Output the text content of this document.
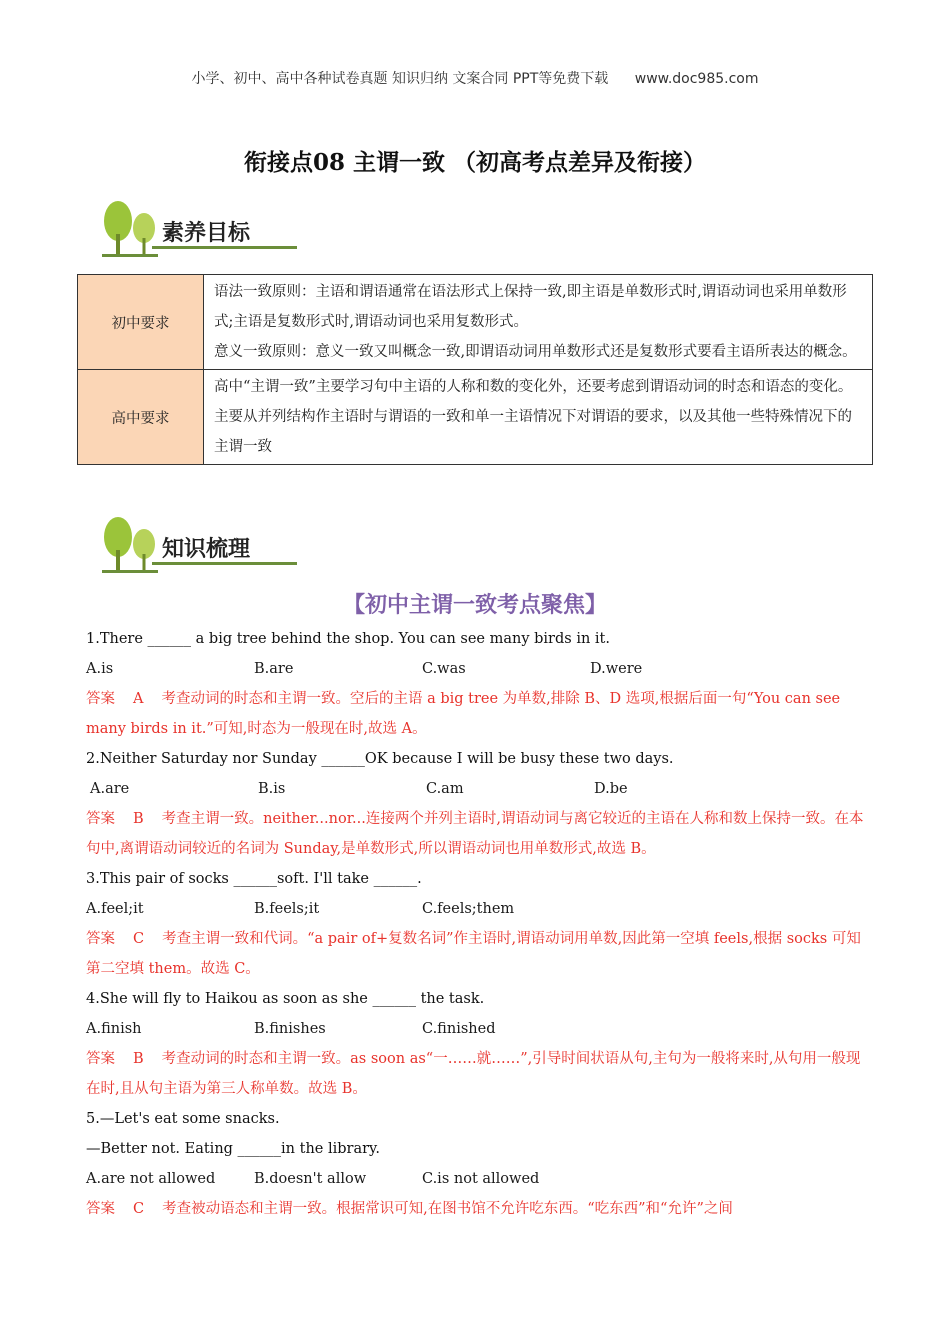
小学、初中、高中各种试卷真题 知识归纳 文案合同 PPT等免费下载 www.doc985.com
衔接点08 主谓一致 （初高考点差异及衔接）
素养目标
初中要求	语法一致原则：主语和谓语通常在语法形式上保持一致,即主语是单数形式时,谓语动词也采用单数形式;主语是复数形式时,谓语动词也采用复数形式。
意义一致原则：意义一致又叫概念一致,即谓语动词用单数形式还是复数形式要看主语所表达的概念。

高中要求	高中“主谓一致”主要学习句中主语的人称和数的变化外，还要考虑到谓语动词的时态和语态的变化。主要从并列结构作主语时与谓语的一致和单一主语情况下对谓语的要求，以及其他一些特殊情况下的主谓一致
知识梳理
【初中主谓一致考点聚焦】
1.There ______ a big tree behind the shop. You can see many birds in it.
A.is	B.are	C.was	D.were
答案 A 考查动词的时态和主谓一致。空后的主语 a big tree 为单数,排除 B、D 选项,根据后面一句“You can see many birds in it.”可知,时态为一般现在时,故选 A。
2.Neither Saturday nor Sunday ______OK because I will be busy these two days.
A.are	B.is	C.am	D.be
答案 B 考查主谓一致。neither...nor...连接两个并列主语时,谓语动词与离它较近的主语在人称和数上保持一致。在本句中,离谓语动词较近的名词为 Sunday,是单数形式,所以谓语动词也用单数形式,故选 B。
3.This pair of socks ______soft. I'll take ______.
A.feel;it	B.feels;it	C.feels;them
答案 C 考查主谓一致和代词。“a pair of+复数名词”作主语时,谓语动词用单数,因此第一空填 feels,根据 socks 可知第二空填 them。故选 C。
4.She will fly to Haikou as soon as she ______ the task.
A.finish	B.finishes	C.finished
答案 B 考查动词的时态和主谓一致。as soon as“一……就……”,引导时间状语从句,主句为一般将来时,从句用一般现在时,且从句主语为第三人称单数。故选 B。
5.—Let's eat some snacks.
—Better not. Eating ______in the library.
A.are not allowed	B.doesn't allow	C.is not allowed
答案 C 考查被动语态和主谓一致。根据常识可知,在图书馆不允许吃东西。“吃东西”和“允许”之间
